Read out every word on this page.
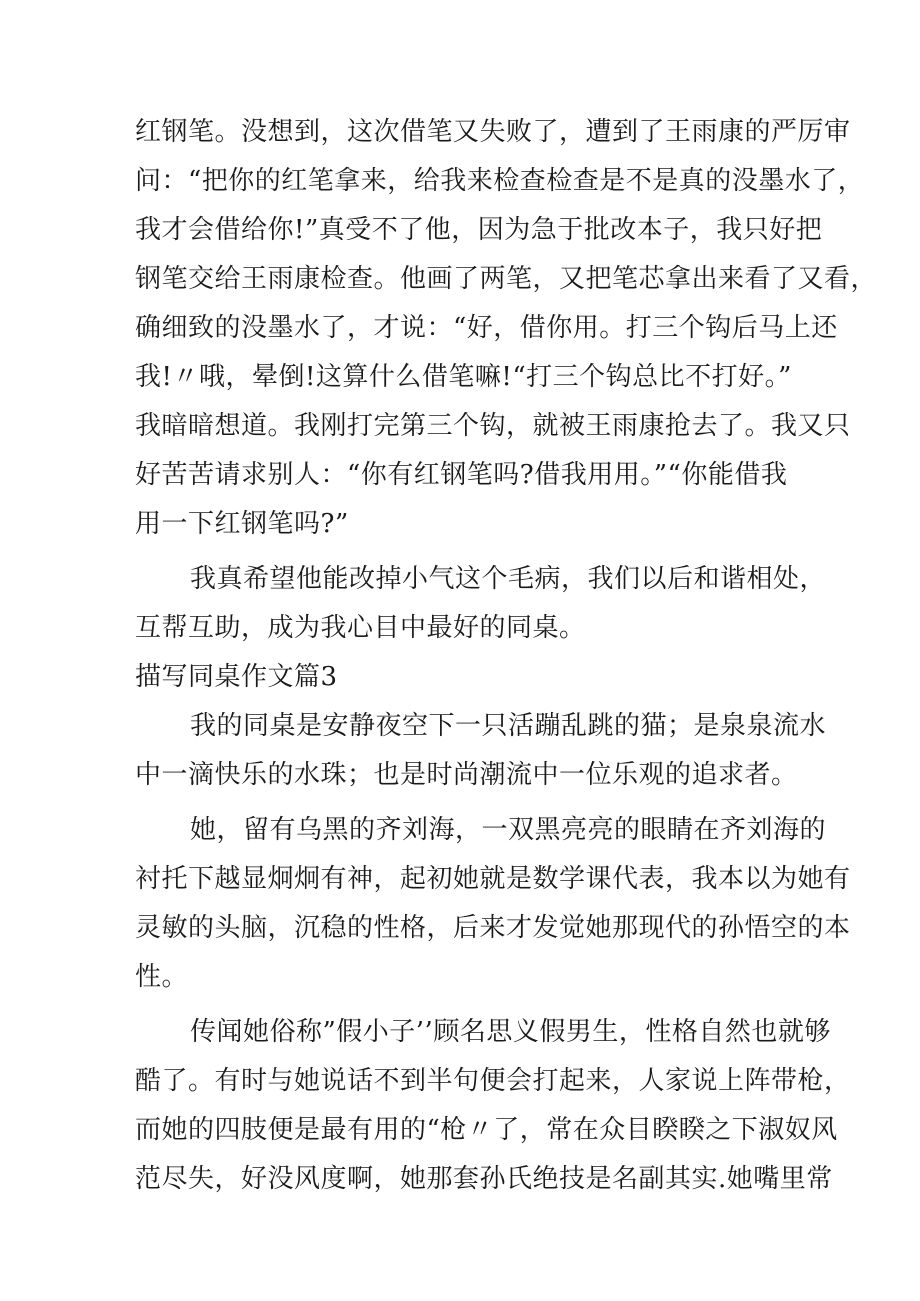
红钢笔。没想到，这次借笔又失败了，遭到了王雨康的严厉审
问：“把你的红笔拿来，给我来检查检查是不是真的没墨水了，
我才会借给你!”真受不了他，因为急于批改本子，我只好把
钢笔交给王雨康检查。他画了两笔，又把笔芯拿出来看了又看，
确细致的没墨水了，才说：“好，借你用。打三个钩后马上还
我!〃哦，晕倒!这算什么借笔嘛!“打三个钩总比不打好。”
我暗暗想道。我刚打完第三个钩，就被王雨康抢去了。我又只
好苦苦请求别人：“你有红钢笔吗?借我用用。”“你能借我
用一下红钢笔吗?”
我真希望他能改掉小气这个毛病，我们以后和谐相处，
互帮互助，成为我心目中最好的同桌。
描写同桌作文篇3
我的同桌是安静夜空下一只活蹦乱跳的猫；是泉泉流水
中一滴快乐的水珠；也是时尚潮流中一位乐观的追求者。
她，留有乌黑的齐刘海，一双黑亮亮的眼睛在齐刘海的
衬托下越显炯炯有神，起初她就是数学课代表，我本以为她有
灵敏的头脑，沉稳的性格，后来才发觉她那现代的孙悟空的本
性。
传闻她俗称”假小子’’顾名思义假男生，性格自然也就够
酷了。有时与她说话不到半句便会打起来，人家说上阵带枪，
而她的四肢便是最有用的“枪〃了，常在众目睽睽之下淑奴风
范尽失，好没风度啊，她那套孙氏绝技是名副其实.她嘴里常
